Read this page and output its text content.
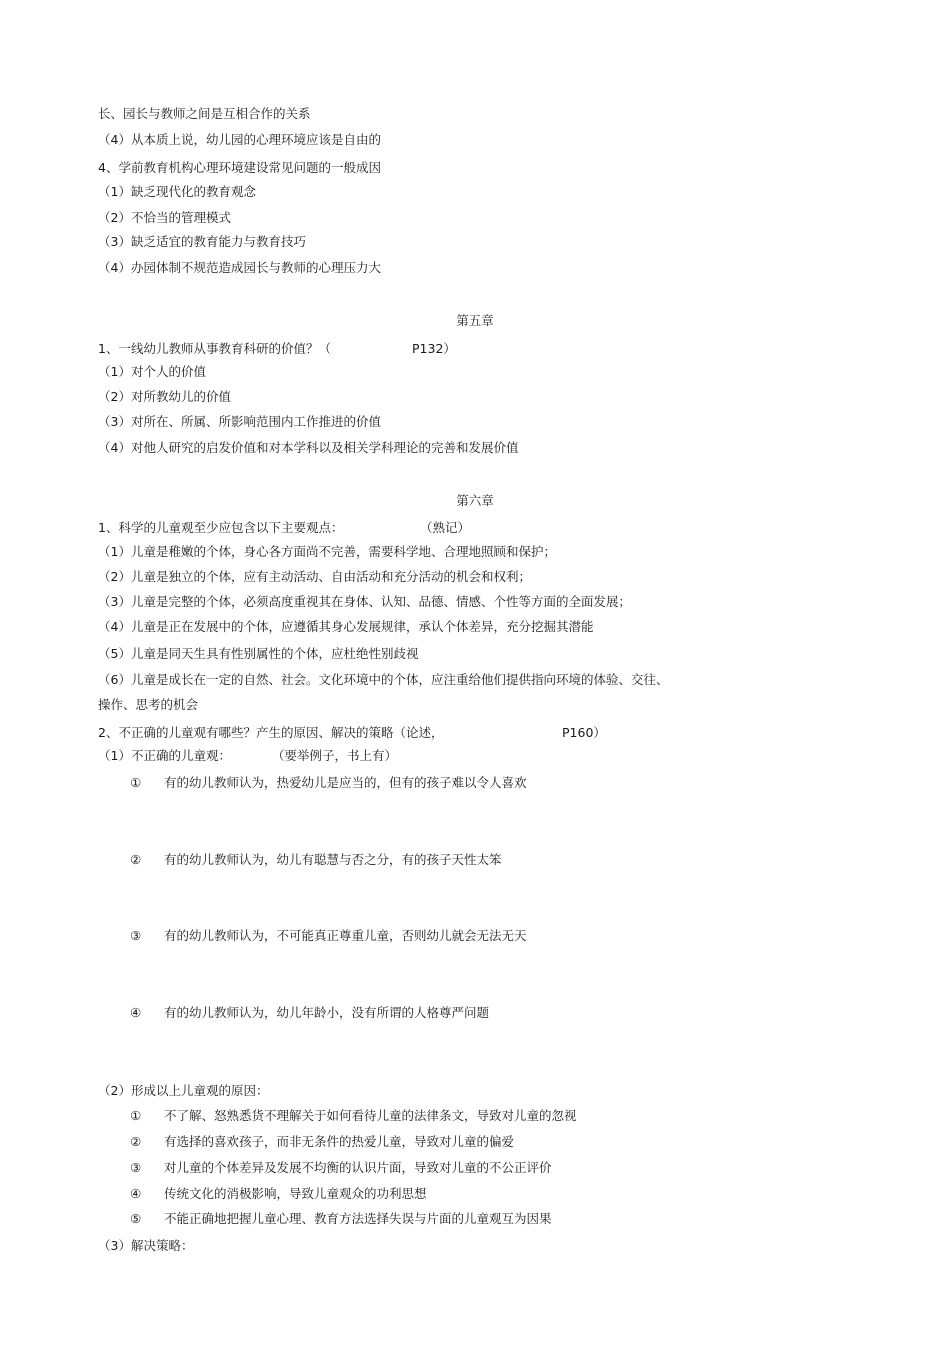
长、园长与教师之间是互相合作的关系
（4）从本质上说，幼儿园的心理环境应该是自由的
4、学前教育机构心理环境建设常见问题的一般成因
（1）缺乏现代化的教育观念
（2）不恰当的管理模式
（3）缺乏适宜的教育能力与教育技巧
（4）办园体制不规范造成园长与教师的心理压力大
第五章
1、一线幼儿教师从事教育科研的价值？（	P132）
（1）对个人的价值
（2）对所教幼儿的价值
（3）对所在、所属、所影响范围内工作推进的价值
（4）对他人研究的启发价值和对本学科以及相关学科理论的完善和发展价值
第六章
1、科学的儿童观至少应包含以下主要观点：	（熟记）
（1）儿童是稚嫩的个体，身心各方面尚不完善，需要科学地、合理地照顾和保护；
（2）儿童是独立的个体，应有主动活动、自由活动和充分活动的机会和权利；
（3）儿童是完整的个体，必须高度重视其在身体、认知、品德、情感、个性等方面的全面发展；
（4）儿童是正在发展中的个体，应遵循其身心发展规律，承认个体差异，充分挖掘其潜能
（5）儿童是同天生具有性别属性的个体，应杜绝性别歧视
（6）儿童是成长在一定的自然、社会。文化环境中的个体，应注重给他们提供指向环境的体验、交往、
操作、思考的机会
2、不正确的儿童观有哪些？产生的原因、解决的策略（论述，	P160）
（1）不正确的儿童观：	（要举例子，书上有）
① 有的幼儿教师认为，热爱幼儿是应当的，但有的孩子难以令人喜欢
② 有的幼儿教师认为，幼儿有聪慧与否之分，有的孩子天性太笨
③ 有的幼儿教师认为，不可能真正尊重儿童，否则幼儿就会无法无天
④ 有的幼儿教师认为，幼儿年龄小，没有所谓的人格尊严问题
（2）形成以上儿童观的原因：
① 不了解、怒熟悉货不理解关于如何看待儿童的法律条文，导致对儿童的忽视
② 有选择的喜欢孩子，而非无条件的热爱儿童，导致对儿童的偏爱
③ 对儿童的个体差异及发展不均衡的认识片面，导致对儿童的不公正评价
④ 传统文化的消极影响，导致儿童观众的功利思想
⑤ 不能正确地把握儿童心理、教育方法选择失误与片面的儿童观互为因果
（3）解决策略：
